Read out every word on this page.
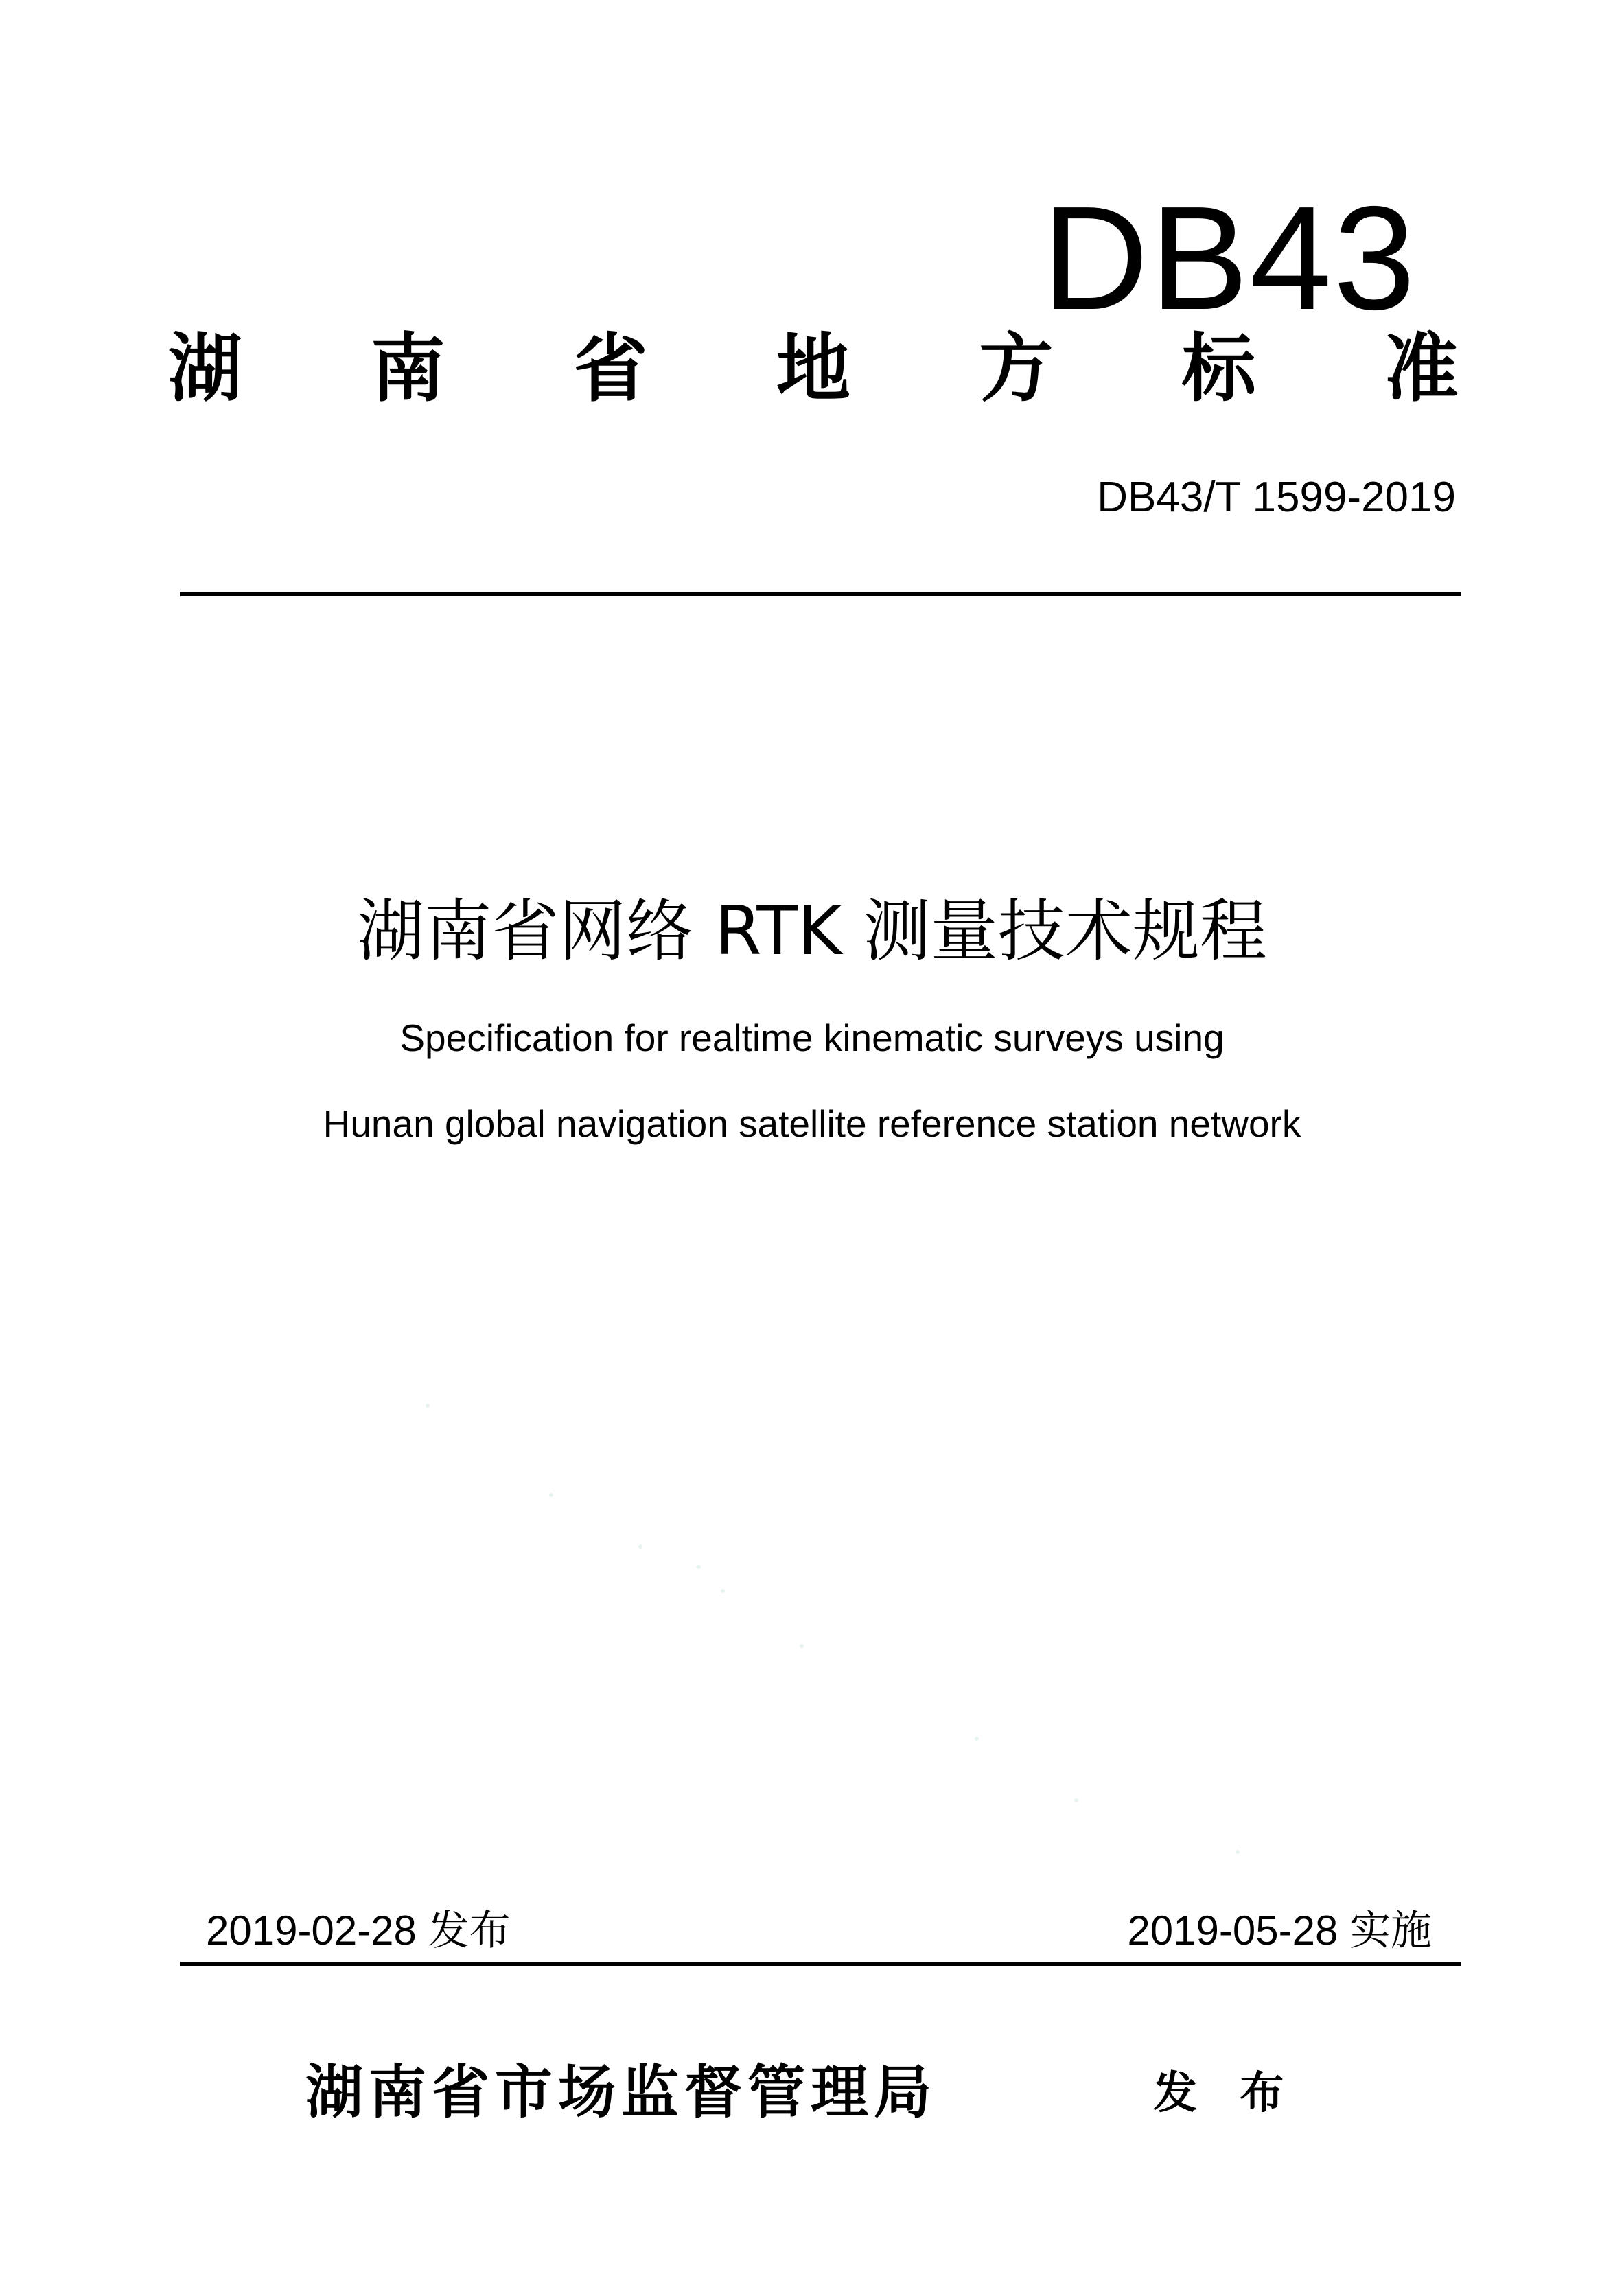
DB43
湖 南 省 地 方 标 准
DB43/T 1599-2019
湖南省网络 RTK 测量技术规程
Specification for realtime kinematic surveys using
Hunan global navigation satellite reference station network
2019-02-28 发布	2019-05-28 实施
湖南省市场监督管理局	发 布
